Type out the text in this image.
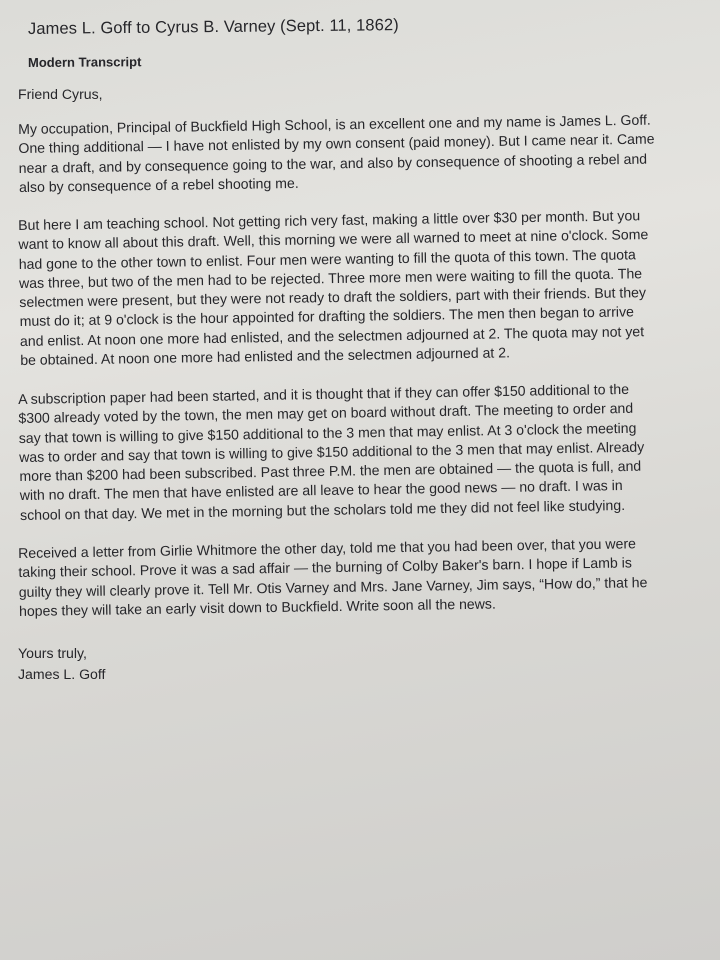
James L. Goff to Cyrus B. Varney (Sept. 11, 1862)
Modern Transcript

Friend Cyrus,

My occupation, Principal of Buckfield High School, is an excellent one and my name is James L. Goff. One thing additional — I have not enlisted by my own consent (paid money). But I came near it. Came near a draft, and by consequence going to the war, and also by consequence of shooting a rebel and also by consequence of a rebel shooting me.

But here I am teaching school. Not getting rich very fast, making a little over $30 per month. But you want to know all about this draft. Well, this morning we were all warned to meet at nine o'clock. Some had gone to the other town to enlist. Four men were wanting to fill the quota of this town. The quota was three, but two of the men had to be rejected. Three more men were waiting to fill the quota. The selectmen were present, but they were not ready to draft the soldiers, part with their friends. But they must do it; at 9 o'clock is the hour appointed for drafting the soldiers. The men then began to arrive and enlist. At noon one more had enlisted, and the selectmen adjourned at 2. The quota may not yet be obtained. At noon one more had enlisted and the selectmen adjourned at 2.

A subscription paper had been started, and it is thought that if they can offer $150 additional to the $300 already voted by the town, the men may get on board without draft. The meeting to order and say that town is willing to give $150 additional to the 3 men that may enlist. At 3 o'clock the meeting was to order and say that town is willing to give $150 additional to the 3 men that may enlist. Already more than $200 had been subscribed. Past three P.M. the men are obtained — the quota is full, and with no draft. The men that have enlisted are all leave to hear the good news — no draft. I was in school on that day. We met in the morning but the scholars told me they did not feel like studying.

Received a letter from Girlie Whitmore the other day, told me that you had been over, that you were taking their school. Prove it was a sad affair — the burning of Colby Baker's barn. I hope if Lamb is guilty they will clearly prove it. Tell Mr. Otis Varney and Mrs. Jane Varney, Jim says, “How do,” that he hopes they will take an early visit down to Buckfield. Write soon all the news.

Yours truly,
James L. Goff
